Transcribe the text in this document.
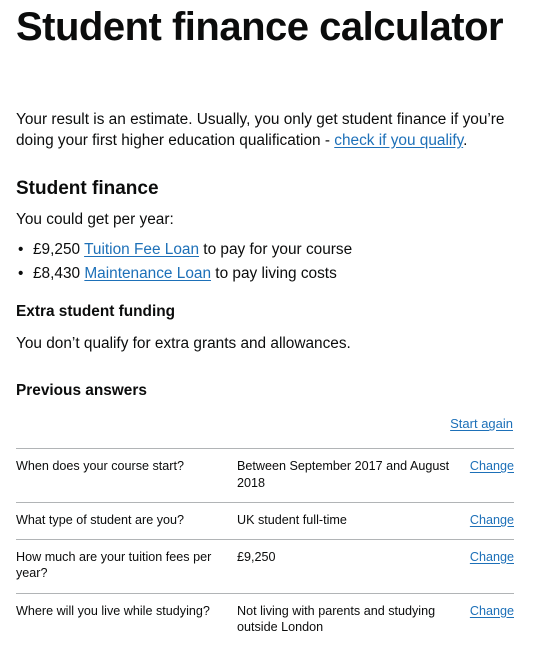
Student finance calculator

Your result is an estimate. Usually, you only get student finance if you’re doing your first higher education qualification - check if you qualify.

Student finance

You could get per year:

• £9,250 Tuition Fee Loan to pay for your course
• £8,430 Maintenance Loan to pay living costs
Extra student funding

You don’t qualify for extra grants and allowances.

Previous answers
Start again
When does your course start?	Between September 2017 and August 2018	Change
What type of student are you?	UK student full-time	Change
How much are your tuition fees per year?	£9,250	Change
Where will you live while studying?	Not living with parents and studying outside London	Change
